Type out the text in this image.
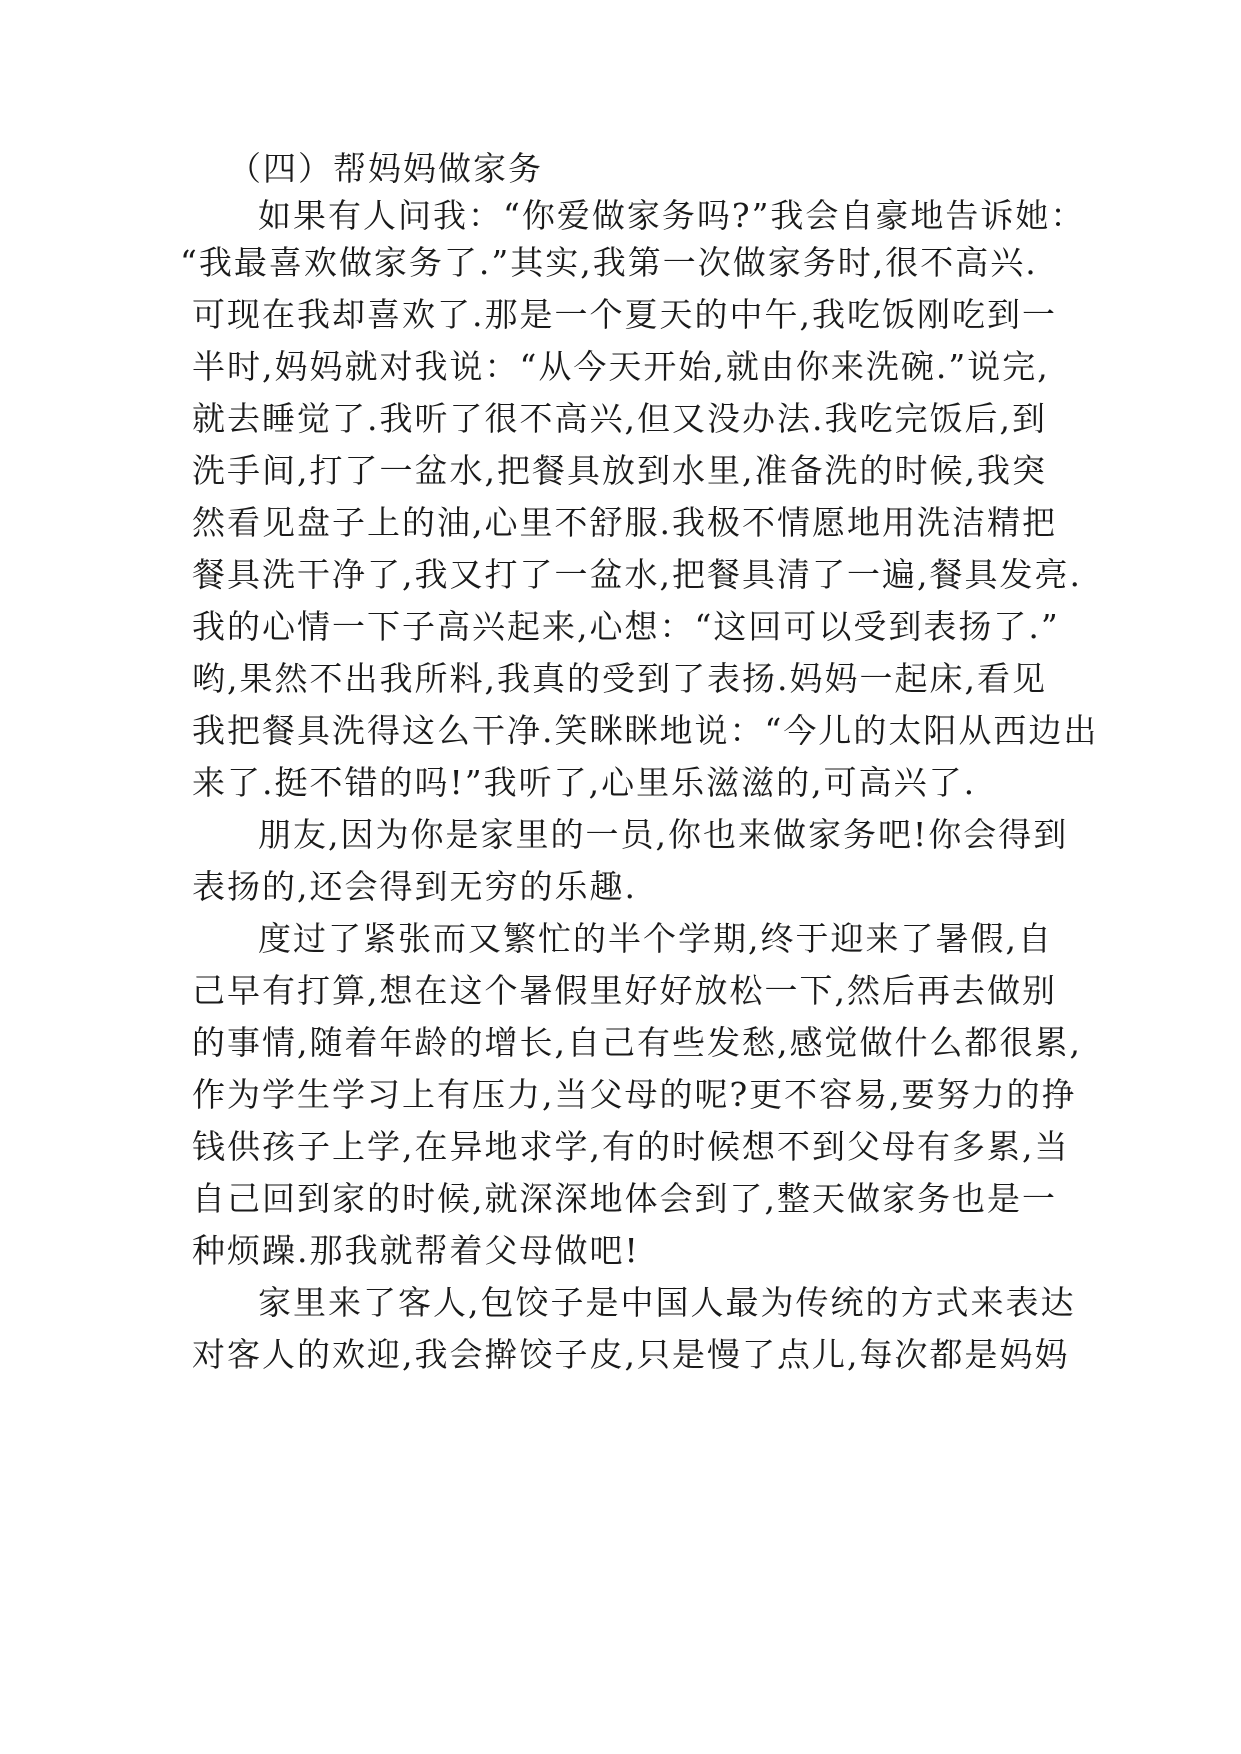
（四）帮妈妈做家务
如果有人问我：“你爱做家务吗?”我会自豪地告诉她：
“我最喜欢做家务了.”其实,我第一次做家务时,很不高兴.
可现在我却喜欢了.那是一个夏天的中午,我吃饭刚吃到一
半时,妈妈就对我说：“从今天开始,就由你来洗碗.”说完,
就去睡觉了.我听了很不高兴,但又没办法.我吃完饭后,到
洗手间,打了一盆水,把餐具放到水里,准备洗的时候,我突
然看见盘子上的油,心里不舒服.我极不情愿地用洗洁精把
餐具洗干净了,我又打了一盆水,把餐具清了一遍,餐具发亮.
我的心情一下子高兴起来,心想：“这回可以受到表扬了.”
哟,果然不出我所料,我真的受到了表扬.妈妈一起床,看见
我把餐具洗得这么干净.笑眯眯地说：“今儿的太阳从西边出
来了.挺不错的吗!”我听了,心里乐滋滋的,可高兴了.
朋友,因为你是家里的一员,你也来做家务吧!你会得到
表扬的,还会得到无穷的乐趣.
度过了紧张而又繁忙的半个学期,终于迎来了暑假,自
己早有打算,想在这个暑假里好好放松一下,然后再去做别
的事情,随着年龄的增长,自己有些发愁,感觉做什么都很累,
作为学生学习上有压力,当父母的呢?更不容易,要努力的挣
钱供孩子上学,在异地求学,有的时候想不到父母有多累,当
自己回到家的时候,就深深地体会到了,整天做家务也是一
种烦躁.那我就帮着父母做吧!
家里来了客人,包饺子是中国人最为传统的方式来表达
对客人的欢迎,我会擀饺子皮,只是慢了点儿,每次都是妈妈
